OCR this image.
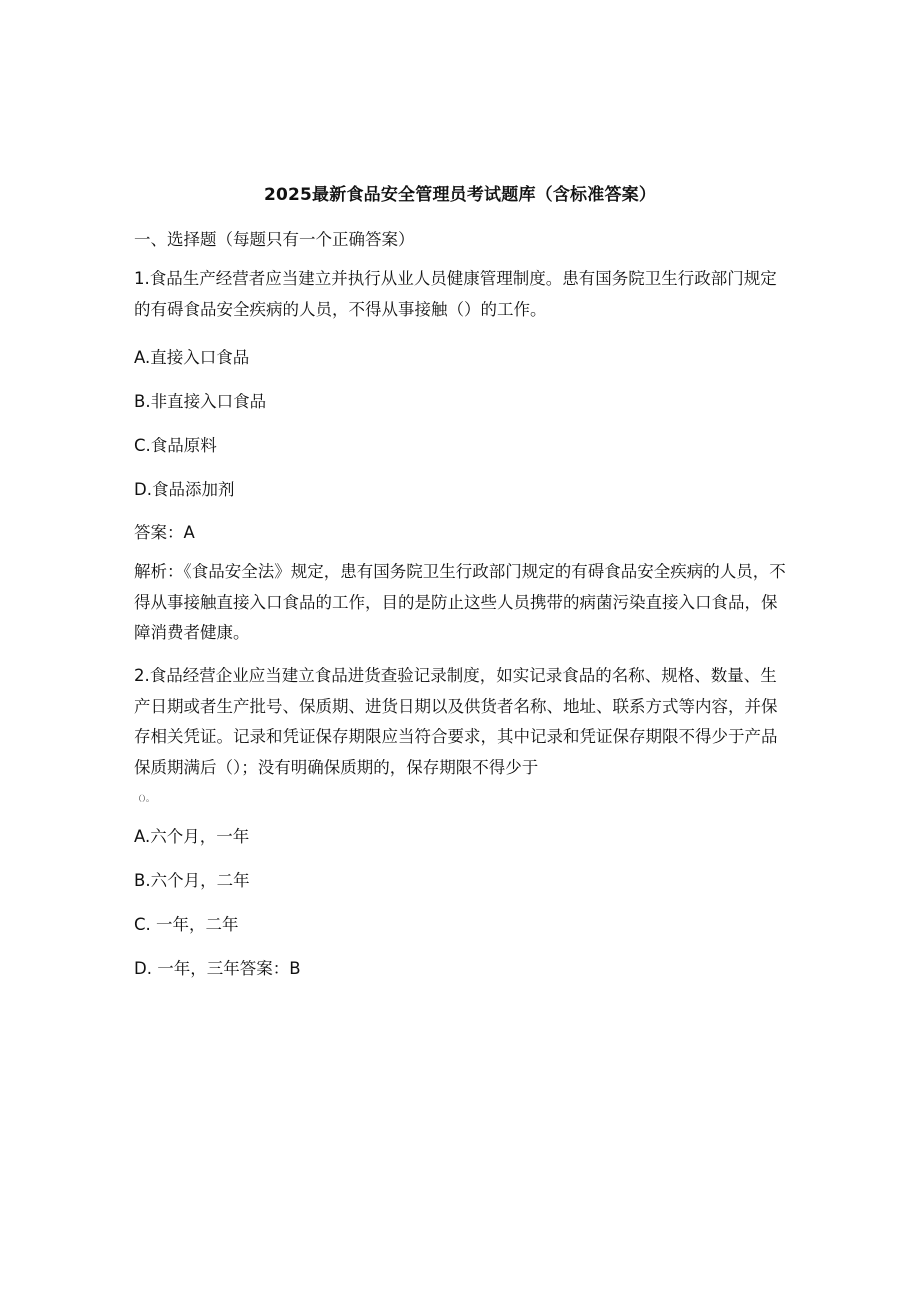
2025最新食品安全管理员考试题库（含标准答案）
一、选择题（每题只有一个正确答案）
1.食品生产经营者应当建立并执行从业人员健康管理制度。患有国务院卫生行政部门规定的有碍食品安全疾病的人员，不得从事接触（）的工作。
A.直接入口食品
B.非直接入口食品
C.食品原料
D.食品添加剂
答案：A
解析：《食品安全法》规定，患有国务院卫生行政部门规定的有碍食品安全疾病的人员，不得从事接触直接入口食品的工作，目的是防止这些人员携带的病菌污染直接入口食品，保障消费者健康。
2.食品经营企业应当建立食品进货查验记录制度，如实记录食品的名称、规格、数量、生产日期或者生产批号、保质期、进货日期以及供货者名称、地址、联系方式等内容，并保存相关凭证。记录和凭证保存期限应当符合要求，其中记录和凭证保存期限不得少于产品保质期满后（）；没有明确保质期的，保存期限不得少于
（）。
A.六个月，一年
B.六个月，二年
C. 一年，二年
D. 一年，三年答案：B
